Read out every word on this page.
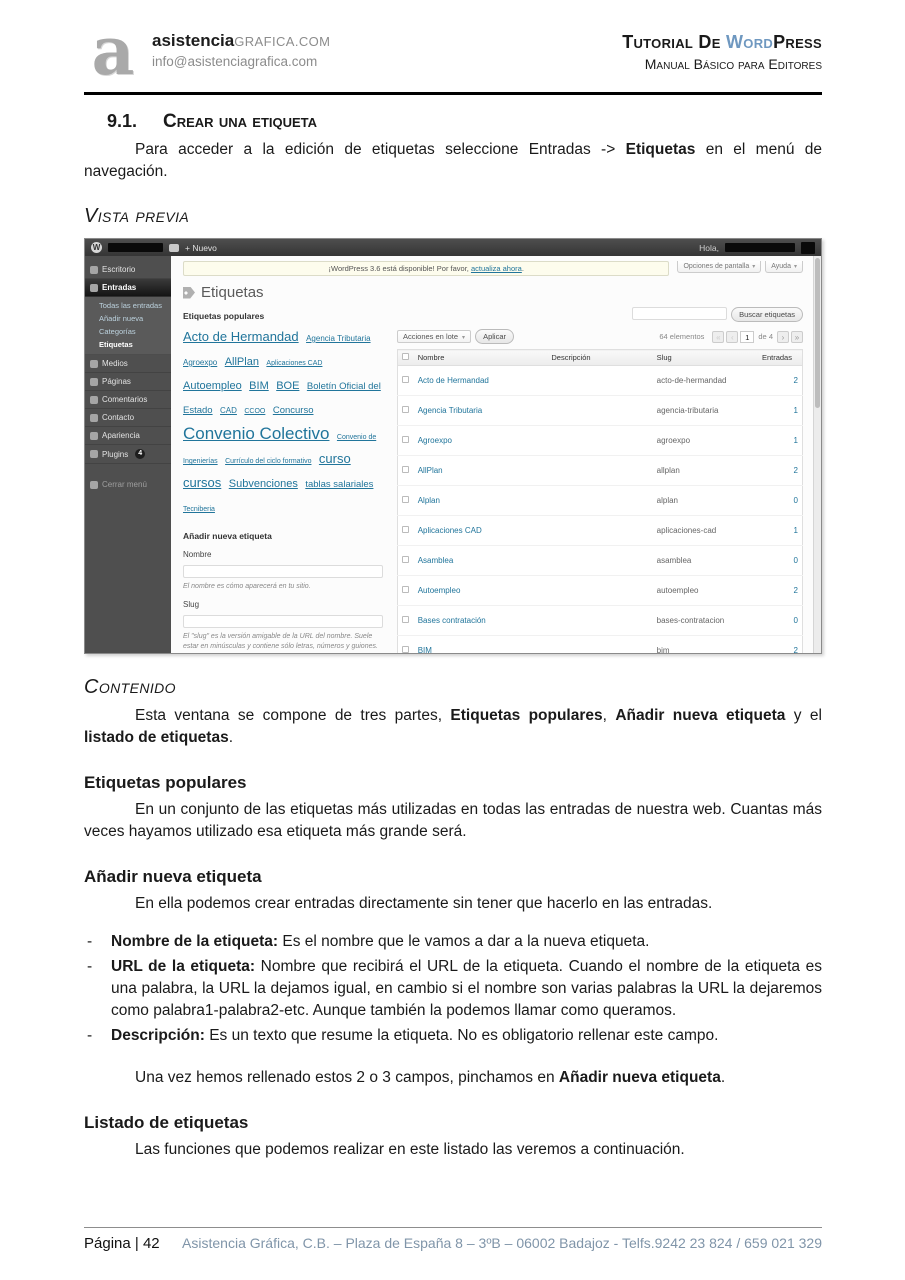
a	asistenciaGRAFICA.COM
info@asistenciagrafica.com
Tutorial De WordPress
Manual Básico para Editores
9.1.	Crear una etiqueta

Para acceder a la edición de etiquetas seleccione Entradas -> Etiquetas en el menú de navegación.

Vista previa
W	+ Nuevo	Hola,
Escritorio
Entradas
Todas las entradas
Añadir nueva
Categorías
Etiquetas
Medios
Páginas
Comentarios
Contacto
Apariencia
Plugins	4
Cerrar menú
¡WordPress 3.6 está disponible! Por favor, actualiza ahora.	Opciones de pantalla ▾	Ayuda
▾
Etiquetas
Etiquetas populares
Acto de Hermandad Agencia Tributaria Agroexpo AllPlan Aplicaciones CAD Autoempleo BIM BOE Boletín Oficial del Estado CAD CCOO Concurso Convenio Colectivo Convenio de Ingenierías Currículo del ciclo formativo curso cursos Subvenciones tablas salariales Tecniberia
Añadir nueva etiqueta
Nombre

El nombre es cómo aparecerá en tu sitio.

Slug

El "slug" es la versión amigable de la URL del nombre. Suele estar en minúsculas y contiene sólo letras, números y guiones.

Buscar etiquetas
Acciones en lote ▾	Aplicar	64 elementos	«	‹	1	de 4	›	»
	Nombre	Descripción	Slug	Entradas
	Acto de Hermandad		acto-de-hermandad	2
	Agencia Tributaria		agencia-tributaria	1
	Agroexpo		agroexpo	1
	AllPlan		allplan	2
	Alplan		alplan	0
	Aplicaciones CAD		aplicaciones-cad	1
	Asamblea		asamblea	0
	Autoempleo		autoempleo	2
	Bases contratación		bases-contratacion	0
	BIM		bim	2
Contenido

Esta ventana se compone de tres partes, Etiquetas populares, Añadir nueva etiqueta y el listado de etiquetas.

Etiquetas populares

En un conjunto de las etiquetas más utilizadas en todas las entradas de nuestra web. Cuantas más veces hayamos utilizado esa etiqueta más grande será.

Añadir nueva etiqueta

En ella podemos crear entradas directamente sin tener que hacerlo en las entradas.

- Nombre de la etiqueta: Es el nombre que le vamos a dar a la nueva etiqueta.
- URL de la etiqueta: Nombre que recibirá el URL de la etiqueta. Cuando el nombre de la etiqueta es una palabra, la URL la dejamos igual, en cambio si el nombre son varias palabras la URL la dejaremos como palabra1-palabra2-etc. Aunque también la podemos llamar como queramos.
- Descripción: Es un texto que resume la etiqueta. No es obligatorio rellenar este campo.

Una vez hemos rellenado estos 2 o 3 campos, pinchamos en Añadir nueva etiqueta.

Listado de etiquetas

Las funciones que podemos realizar en este listado las veremos a continuación.

Página | 42 Asistencia Gráfica, C.B. – Plaza de España 8 – 3ºB – 06002 Badajoz - Telfs.9242 23 824 / 659 021 329
